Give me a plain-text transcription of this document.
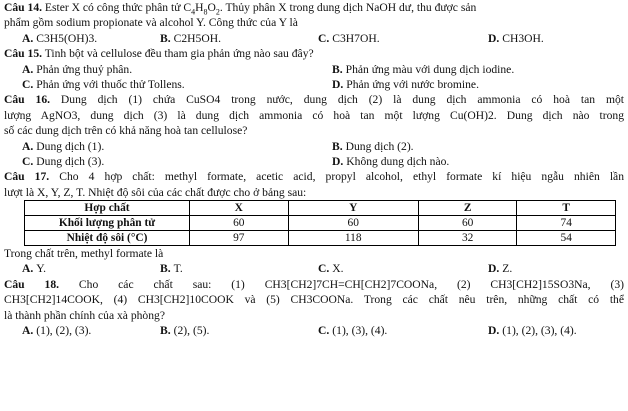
Câu 14. Ester X có công thức phân tử $C_4H_8O_2$. Thủy phân X trong dung dịch NaOH dư, thu được sản
phẩm gồm sodium propionate và alcohol Y. Công thức của Y là
A. C3H5(OH)3.	B. C2H5OH.	C. C3H7OH.	D. CH3OH.
Câu 15. Tinh bột và cellulose đều tham gia phản ứng nào sau đây?
A. Phản ứng thuỷ phân.	B. Phản ứng màu với dung dịch iodine.
C. Phản ứng với thuốc thử Tollens.	D. Phản ứng với nước bromine.
Câu 16. Dung dịch (1) chứa CuSO4 trong nước, dung dịch (2) là dung dịch ammonia có hoà tan một
lượng AgNO3, dung dịch (3) là dung dịch ammonia có hoà tan một lượng Cu(OH)2. Dung dịch nào trong
số các dung dịch trên có khả năng hoà tan cellulose?
A. Dung dịch (1).	B. Dung dịch (2).
C. Dung dịch (3).	D. Không dung dịch nào.
Câu 17. Cho 4 hợp chất: methyl formate, acetic acid, propyl alcohol, ethyl formate kí hiệu ngẫu nhiên lần
lượt là X, Y, Z, T. Nhiệt độ sôi của các chất được cho ở bảng sau:
Hợp chất	X	Y	Z	T
Khối lượng phân tử	60	60	60	74
Nhiệt độ sôi (°C)	97	118	32	54
Trong chất trên, methyl formate là
A. Y.	B. T.	C. X.	D. Z.
Câu 18. Cho các chất sau: (1) CH3[CH2]7CH=CH[CH2]7COONa, (2) CH3[CH2]15SO3Na, (3)
CH3[CH2]14COOK, (4) CH3[CH2]10COOK và (5) CH3COONa. Trong các chất nêu trên, những chất có thể
là thành phần chính của xà phòng?
A. (1), (2), (3).	B. (2), (5).	C. (1), (3), (4).	D. (1), (2), (3), (4).
